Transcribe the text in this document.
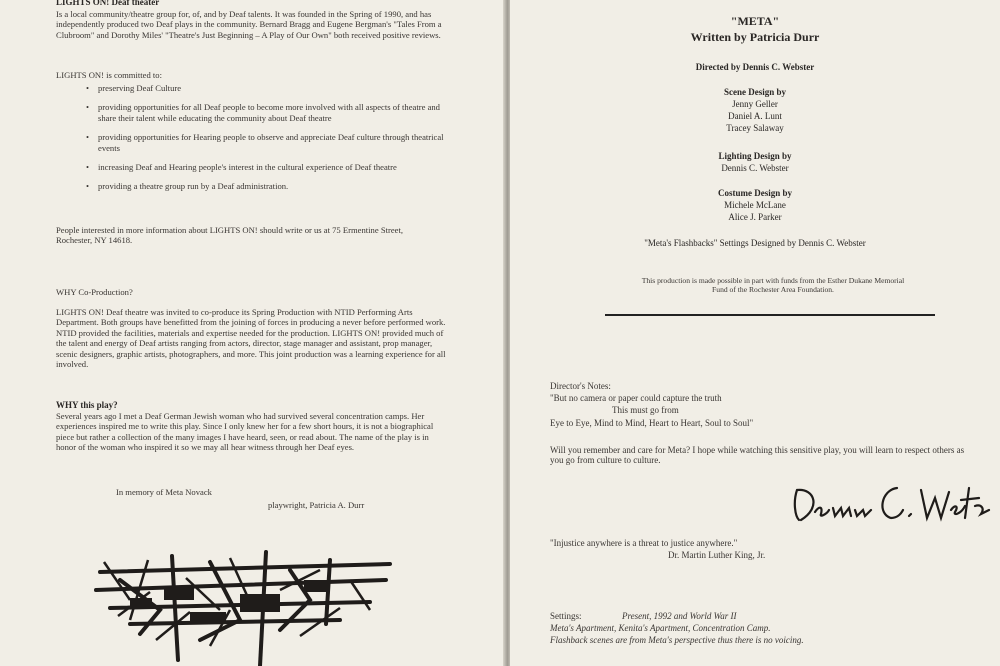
LIGHTS ON! Deaf theater
Is a local community/theatre group for, of, and by Deaf talents. It was founded in the Spring of 1990, and has independently produced two Deaf plays in the community. Bernard Bragg and Eugene Bergman's "Tales From a Clubroom" and Dorothy Miles' "Theatre's Just Beginning – A Play of Our Own" both received positive reviews.
LIGHTS ON! is committed to:
• preserving Deaf Culture
• providing opportunities for all Deaf people to become more involved with all aspects of theatre and share their talent while educating the community about Deaf theatre
• providing opportunities for Hearing people to observe and appreciate Deaf culture through theatrical events
• increasing Deaf and Hearing people's interest in the cultural experience of Deaf theatre
• providing a theatre group run by a Deaf administration.
People interested in more information about LIGHTS ON! should write or us at 75 Ermentine Street, Rochester, NY 14618.
WHY Co-Production?
LIGHTS ON! Deaf theatre was invited to co-produce its Spring Production with NTID Performing Arts Department. Both groups have benefitted from the joining of forces in producing a never before performed work. NTID provided the facilities, materials and expertise needed for the production. LIGHTS ON! provided much of the talent and energy of Deaf artists ranging from actors, director, stage manager and assistant, prop manager, scenic designers, graphic artists, photographers, and more. This joint production was a learning experience for all involved.
WHY this play?
Several years ago I met a Deaf German Jewish woman who had survived several concentration camps. Her experiences inspired me to write this play. Since I only knew her for a few short hours, it is not a biographical piece but rather a collection of the many images I have heard, seen, or read about. The name of the play is in honor of the woman who inspired it so we may all hear witness through her Deaf eyes.
In memory of Meta Novack
playwright, Patricia A. Durr
"META"
Written by Patricia Durr
Directed by Dennis C. Webster
Scene Design by
Jenny Geller
Daniel A. Lunt
Tracey Salaway
Lighting Design by
Dennis C. Webster
Costume Design by
Michele McLane
Alice J. Parker
"Meta's Flashbacks" Settings Designed by Dennis C. Webster
This production is made possible in part with funds from the Esther Dukane Memorial Fund of the Rochester Area Foundation.
Director's Notes:
"But no camera or paper could capture the truth
This must go from
Eye to Eye, Mind to Mind, Heart to Heart, Soul to Soul"
Will you remember and care for Meta? I hope while watching this sensitive play, you will learn to respect others as you go from culture to culture.
"Injustice anywhere is a threat to justice anywhere."
Dr. Martin Luther King, Jr.
Settings:	Present, 1992 and World War II
Meta's Apartment, Kenita's Apartment, Concentration Camp.
Flashback scenes are from Meta's perspective thus there is no voicing.
